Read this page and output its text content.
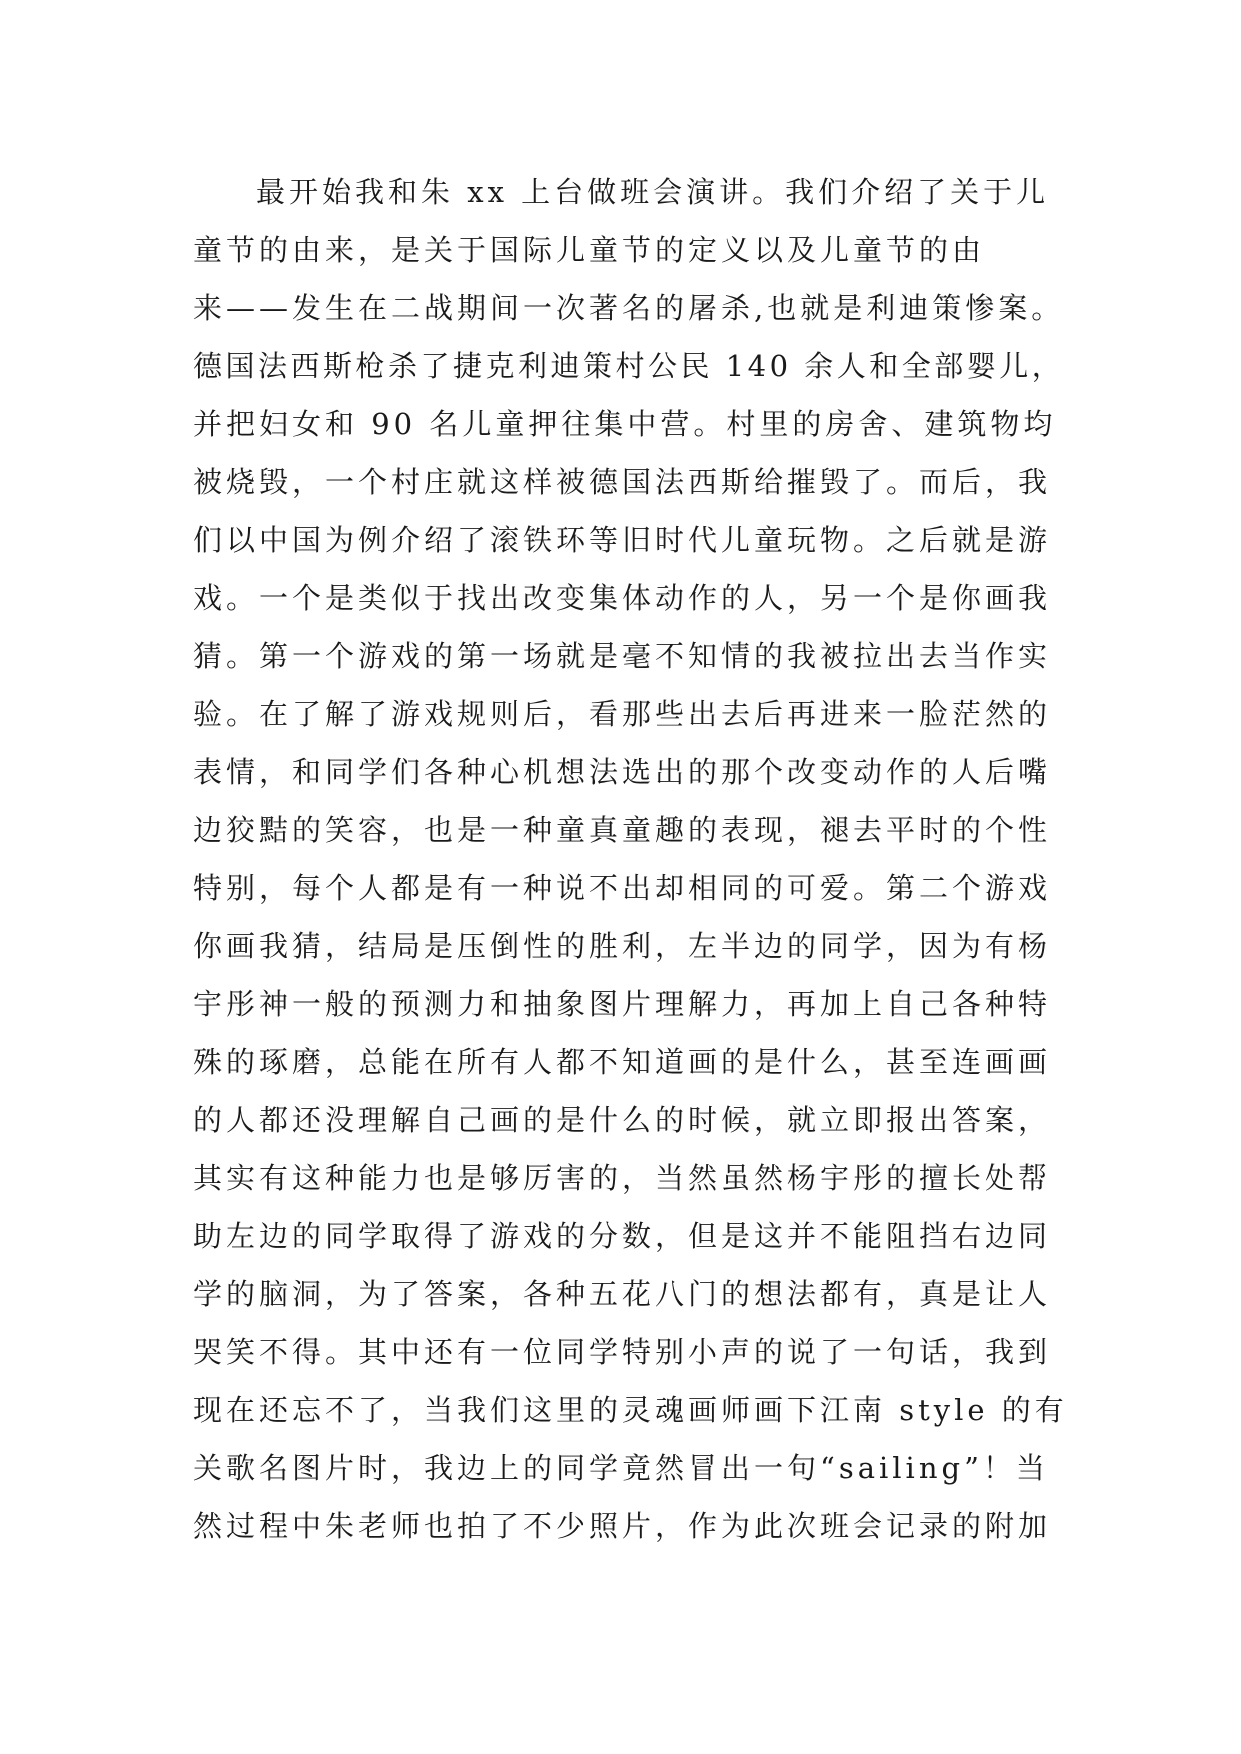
最开始我和朱 xx 上台做班会演讲。我们介绍了关于儿
童节的由来，是关于国际儿童节的定义以及儿童节的由
来——发生在二战期间一次著名的屠杀,也就是利迪策惨案。
德国法西斯枪杀了捷克利迪策村公民 140 余人和全部婴儿，
并把妇女和 90 名儿童押往集中营。村里的房舍、建筑物均
被烧毁，一个村庄就这样被德国法西斯给摧毁了。而后，我
们以中国为例介绍了滚铁环等旧时代儿童玩物。之后就是游
戏。一个是类似于找出改变集体动作的人，另一个是你画我
猜。第一个游戏的第一场就是毫不知情的我被拉出去当作实
验。在了解了游戏规则后，看那些出去后再进来一脸茫然的
表情，和同学们各种心机想法选出的那个改变动作的人后嘴
边狡黠的笑容，也是一种童真童趣的表现，褪去平时的个性
特别，每个人都是有一种说不出却相同的可爱。第二个游戏
你画我猜，结局是压倒性的胜利，左半边的同学，因为有杨
宇彤神一般的预测力和抽象图片理解力，再加上自己各种特
殊的琢磨，总能在所有人都不知道画的是什么，甚至连画画
的人都还没理解自己画的是什么的时候，就立即报出答案，
其实有这种能力也是够厉害的，当然虽然杨宇彤的擅长处帮
助左边的同学取得了游戏的分数，但是这并不能阻挡右边同
学的脑洞，为了答案，各种五花八门的想法都有，真是让人
哭笑不得。其中还有一位同学特别小声的说了一句话，我到
现在还忘不了，当我们这里的灵魂画师画下江南 style 的有
关歌名图片时，我边上的同学竟然冒出一句“sailing”！当
然过程中朱老师也拍了不少照片，作为此次班会记录的附加
